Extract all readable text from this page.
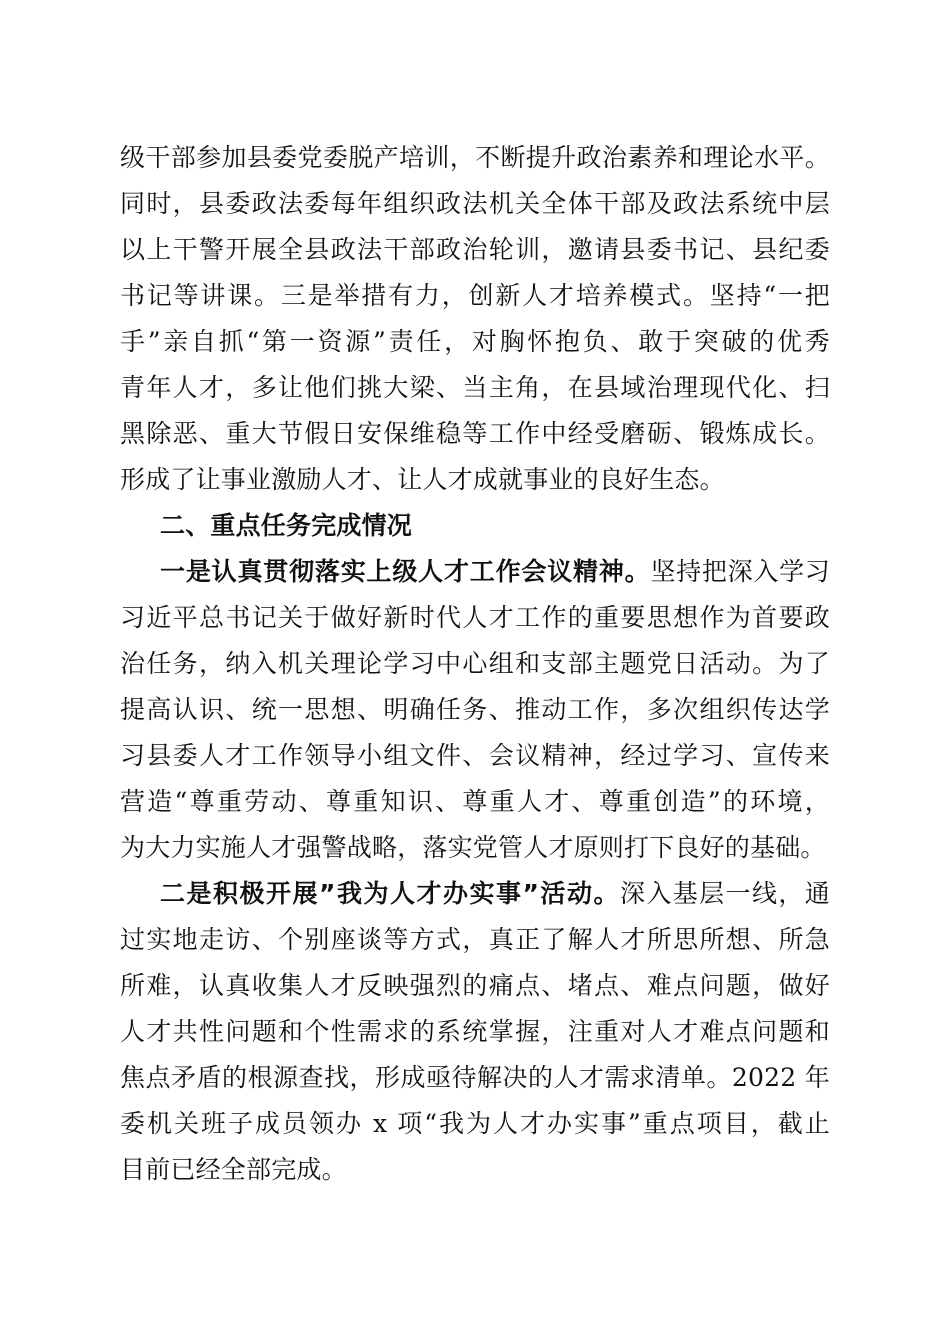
级干部参加县委党委脱产培训，不断提升政治素养和理论水平。
同时，县委政法委每年组织政法机关全体干部及政法系统中层
以上干警开展全县政法干部政治轮训，邀请县委书记、县纪委
书记等讲课。三是举措有力，创新人才培养模式。坚持“一把
手”亲自抓“第一资源”责任，对胸怀抱负、敢于突破的优秀
青年人才，多让他们挑大梁、当主角，在县域治理现代化、扫
黑除恶、重大节假日安保维稳等工作中经受磨砺、锻炼成长。
形成了让事业激励人才、让人才成就事业的良好生态。
二、重点任务完成情况
一是认真贯彻落实上级人才工作会议精神。坚持把深入学习
习近平总书记关于做好新时代人才工作的重要思想作为首要政
治任务，纳入机关理论学习中心组和支部主题党日活动。为了
提高认识、统一思想、明确任务、推动工作，多次组织传达学
习县委人才工作领导小组文件、会议精神，经过学习、宣传来
营造“尊重劳动、尊重知识、尊重人才、尊重创造”的环境，
为大力实施人才强警战略，落实党管人才原则打下良好的基础。
二是积极开展”我为人才办实事”活动。深入基层一线，通
过实地走访、个别座谈等方式，真正了解人才所思所想、所急
所难，认真收集人才反映强烈的痛点、堵点、难点问题，做好
人才共性问题和个性需求的系统掌握，注重对人才难点问题和
焦点矛盾的根源查找，形成亟待解决的人才需求清单。2022 年
委机关班子成员领办 x 项“我为人才办实事”重点项目，截止
目前已经全部完成。
